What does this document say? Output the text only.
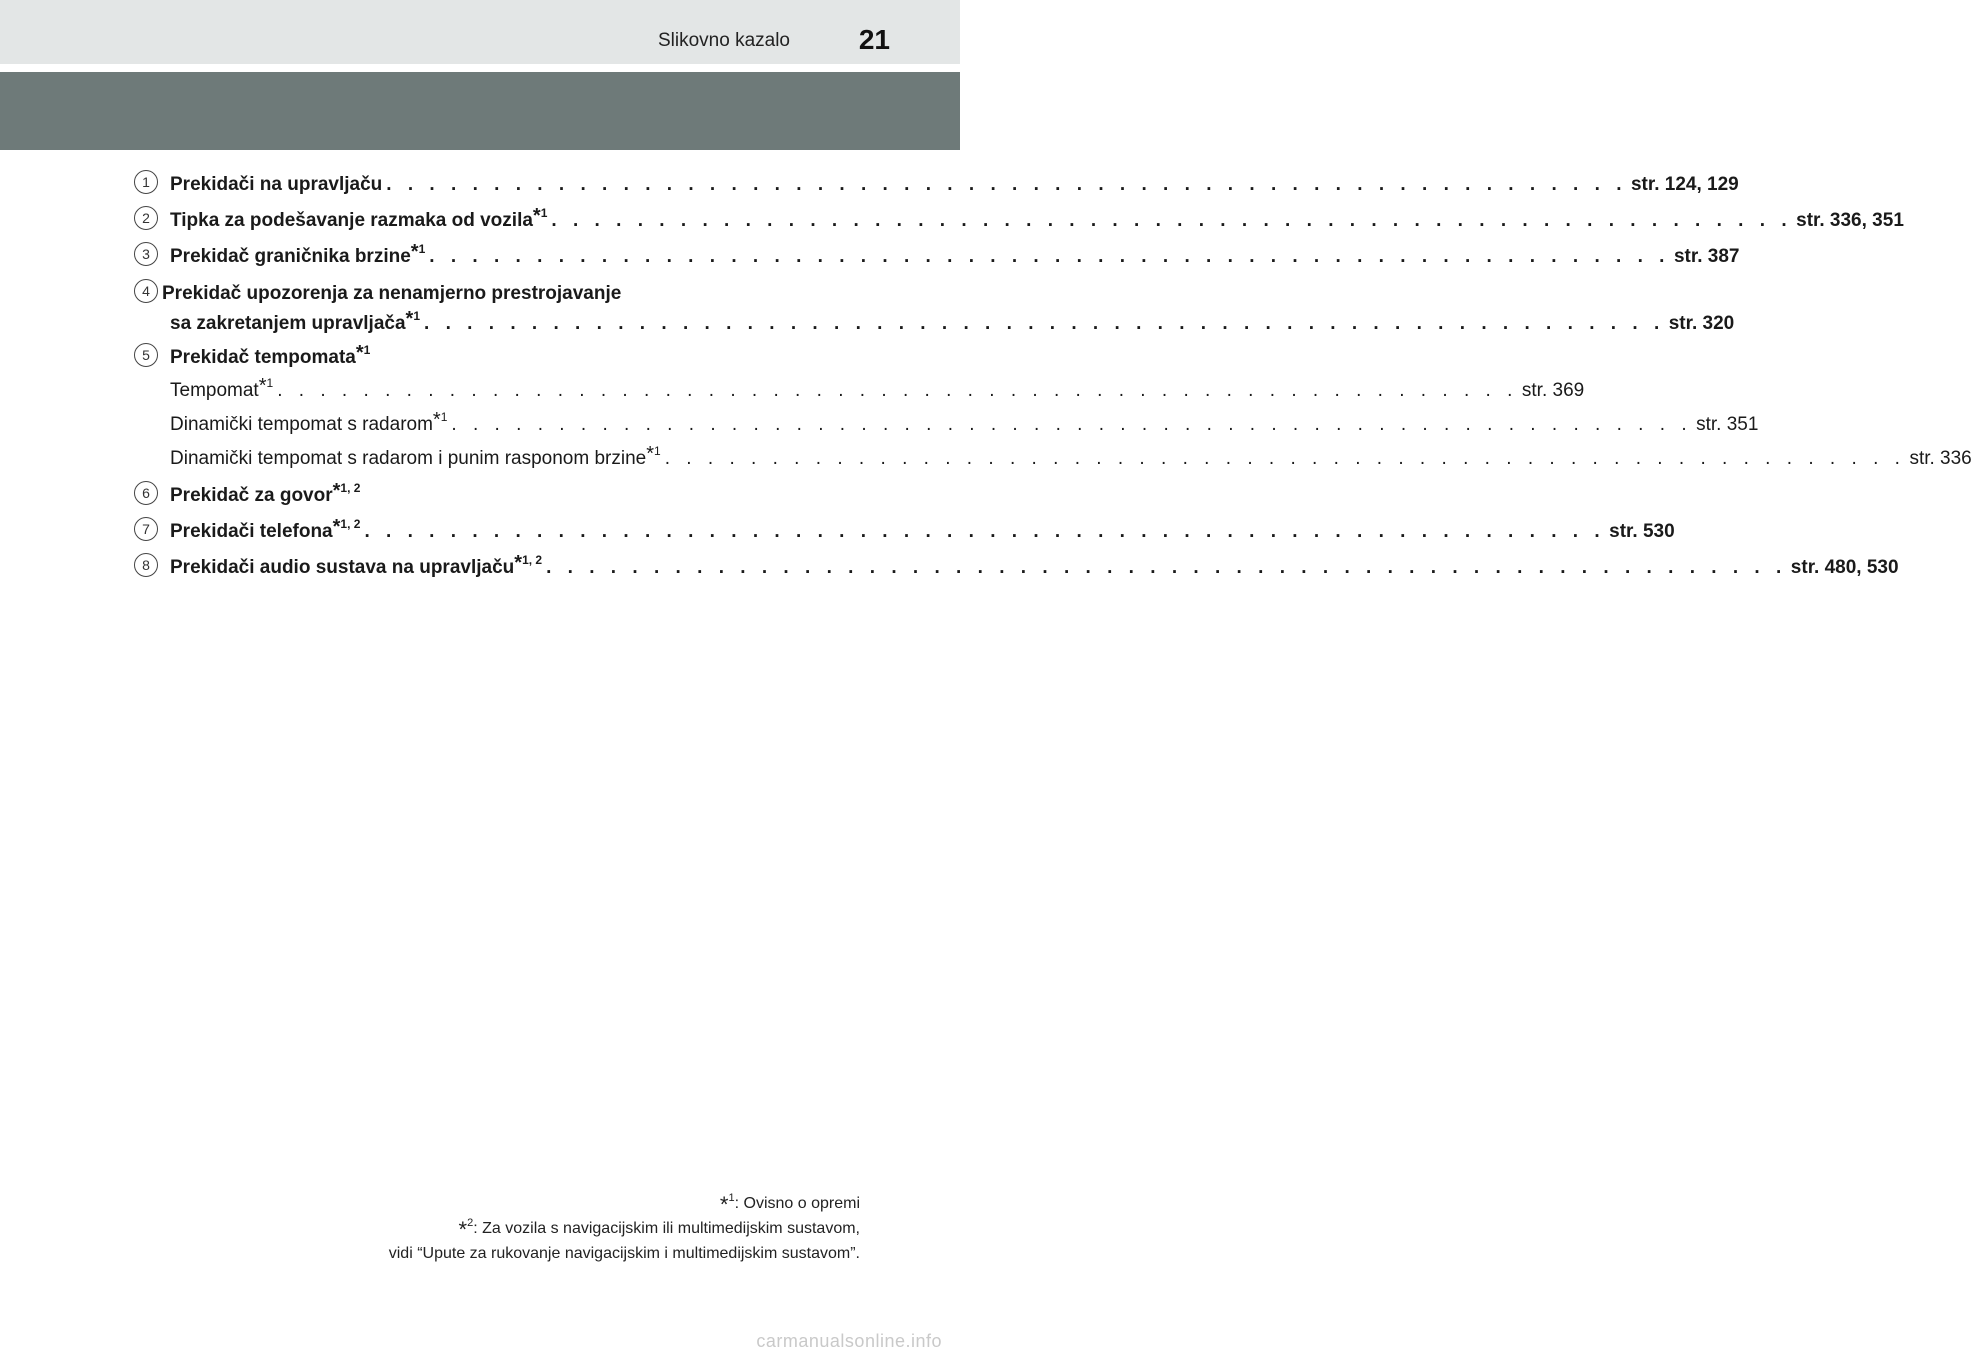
Slikovno kazalo 21
1	Prekidači na upravljaču . . . . . . . . . . . . . . . . . . . . . . . . . . . . . . . . . . . . . . . . . . . . . . . . . . . . . . . . . . str. 124, 129
2	Tipka za podešavanje razmaka od vozila$^{*1}$ . . . . . . . . . . . . . . . . . . . . . . . . . . . . . . . . . . . . . . . . . . . . . . . . . . . . . . . . . . str. 336, 351
3	Prekidač graničnika brzine$^{*1}$ . . . . . . . . . . . . . . . . . . . . . . . . . . . . . . . . . . . . . . . . . . . . . . . . . . . . . . . . . . str. 387
4 Prekidač upozorenja za nenamjerno prestrojavanje
sa zakretanjem upravljača$^{*1}$ . . . . . . . . . . . . . . . . . . . . . . . . . . . . . . . . . . . . . . . . . . . . . . . . . . . . . . . . . . str. 320
5	Prekidač tempomata$^{*1}$
Tempomat$^{*1}$ . . . . . . . . . . . . . . . . . . . . . . . . . . . . . . . . . . . . . . . . . . . . . . . . . . . . . . . . . . str. 369
Dinamički tempomat s radarom$^{*1}$ . . . . . . . . . . . . . . . . . . . . . . . . . . . . . . . . . . . . . . . . . . . . . . . . . . . . . . . . . . str. 351
Dinamički tempomat s radarom i punim rasponom brzine$^{*1}$ . . . . . . . . . . . . . . . . . . . . . . . . . . . . . . . . . . . . . . . . . . . . . . . . . . . . . . . . . . str. 336
6	Prekidač za govor$^{*1, 2}$
7	Prekidači telefona$^{*1, 2}$ . . . . . . . . . . . . . . . . . . . . . . . . . . . . . . . . . . . . . . . . . . . . . . . . . . . . . . . . . . str. 530
8	Prekidači audio sustava na upravljaču$^{*1, 2}$ . . . . . . . . . . . . . . . . . . . . . . . . . . . . . . . . . . . . . . . . . . . . . . . . . . . . . . . . . . str. 480, 530
*$^1$: Ovisno o opremi
*$^2$: Za vozila s navigacijskim ili multimedijskim sustavom,
vidi “Upute za rukovanje navigacijskim i multimedijskim sustavom”.
carmanualsonline.info
